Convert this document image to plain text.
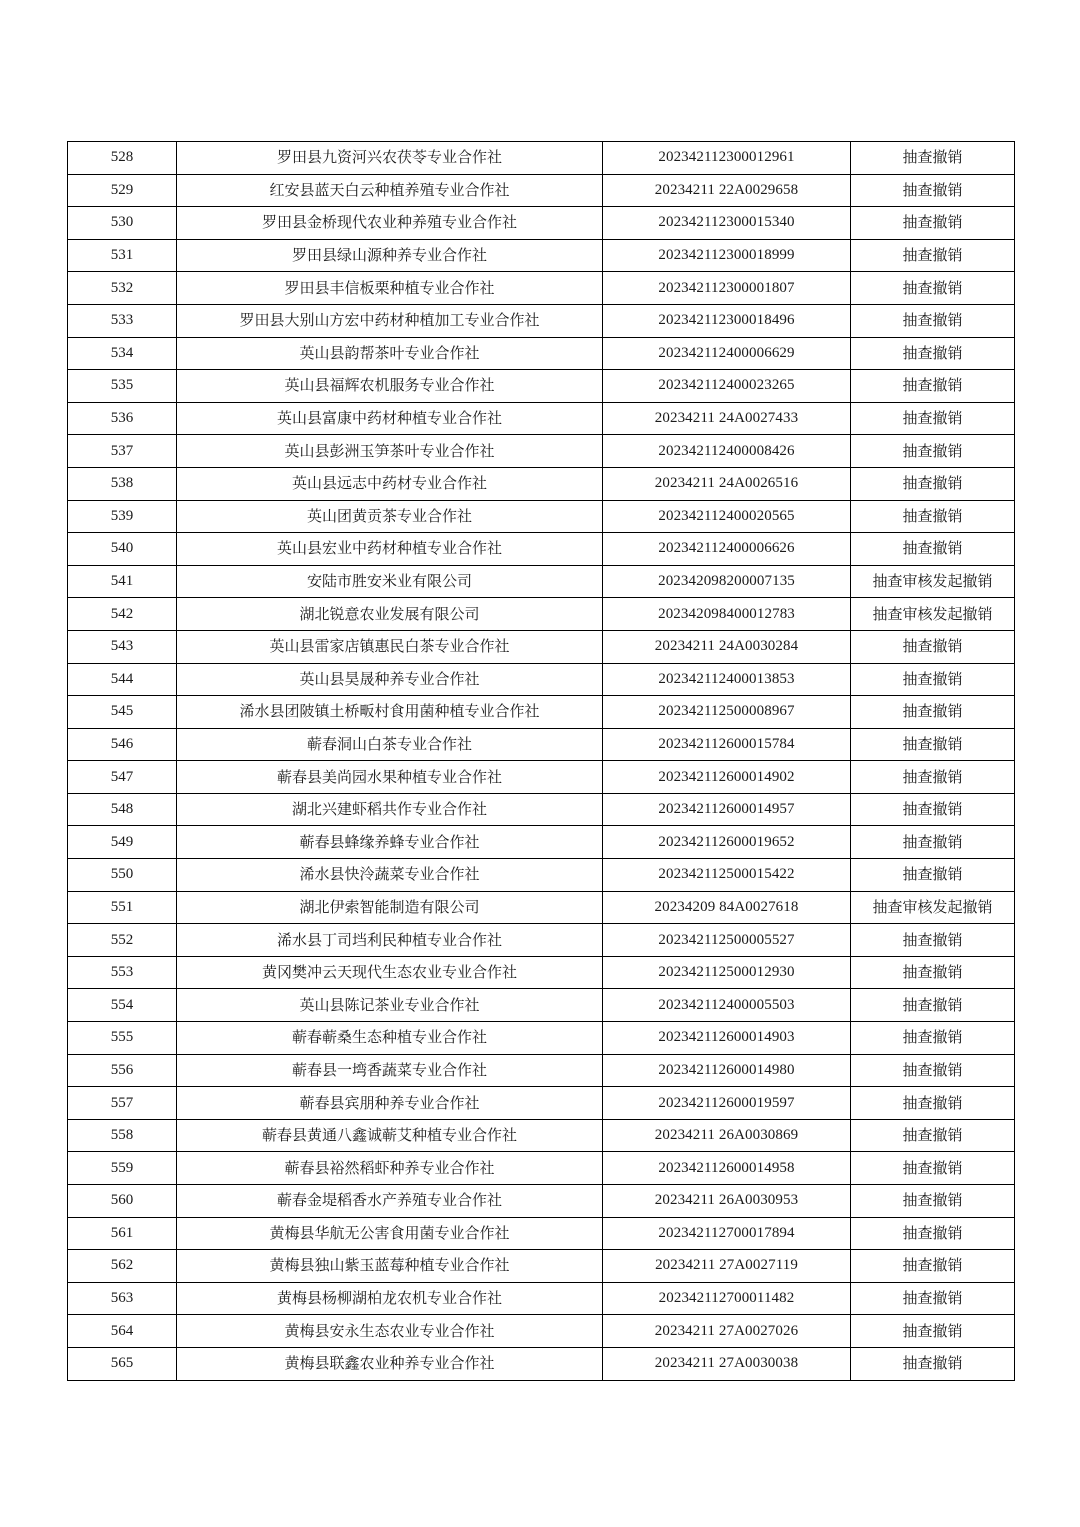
528	罗田县九资河兴农茯苓专业合作社	202342112300012961	抽查撤销
529	红安县蓝天白云种植养殖专业合作社	20234211 22A0029658	抽查撤销
530	罗田县金桥现代农业种养殖专业合作社	202342112300015340	抽查撤销
531	罗田县绿山源种养专业合作社	202342112300018999	抽查撤销
532	罗田县丰信板栗种植专业合作社	202342112300001807	抽查撤销
533	罗田县大别山方宏中药材种植加工专业合作社	202342112300018496	抽查撤销
534	英山县韵帮茶叶专业合作社	202342112400006629	抽查撤销
535	英山县福辉农机服务专业合作社	202342112400023265	抽查撤销
536	英山县富康中药材种植专业合作社	20234211 24A0027433	抽查撤销
537	英山县彭洲玉笋茶叶专业合作社	202342112400008426	抽查撤销
538	英山县远志中药材专业合作社	20234211 24A0026516	抽查撤销
539	英山团黄贡茶专业合作社	202342112400020565	抽查撤销
540	英山县宏业中药材种植专业合作社	202342112400006626	抽查撤销
541	安陆市胜安米业有限公司	202342098200007135	抽查审核发起撤销
542	湖北锐意农业发展有限公司	202342098400012783	抽查审核发起撤销
543	英山县雷家店镇惠民白茶专业合作社	20234211 24A0030284	抽查撤销
544	英山县昊晟种养专业合作社	202342112400013853	抽查撤销
545	浠水县团陂镇土桥畈村食用菌种植专业合作社	202342112500008967	抽查撤销
546	蕲春洞山白茶专业合作社	202342112600015784	抽查撤销
547	蕲春县美尚园水果种植专业合作社	202342112600014902	抽查撤销
548	湖北兴建虾稻共作专业合作社	202342112600014957	抽查撤销
549	蕲春县蜂缘养蜂专业合作社	202342112600019652	抽查撤销
550	浠水县快泠蔬菜专业合作社	202342112500015422	抽查撤销
551	湖北伊索智能制造有限公司	20234209 84A0027618	抽查审核发起撤销
552	浠水县丁司垱利民种植专业合作社	202342112500005527	抽查撤销
553	黄冈樊冲云天现代生态农业专业合作社	202342112500012930	抽查撤销
554	英山县陈记茶业专业合作社	202342112400005503	抽查撤销
555	蕲春蕲桑生态种植专业合作社	202342112600014903	抽查撤销
556	蕲春县一塆香蔬菜专业合作社	202342112600014980	抽查撤销
557	蕲春县宾朋种养专业合作社	202342112600019597	抽查撤销
558	蕲春县黄通八鑫诚蕲艾种植专业合作社	20234211 26A0030869	抽查撤销
559	蕲春县裕然稻虾种养专业合作社	202342112600014958	抽查撤销
560	蕲春金堤稻香水产养殖专业合作社	20234211 26A0030953	抽查撤销
561	黄梅县华航无公害食用菌专业合作社	202342112700017894	抽查撤销
562	黄梅县独山紫玉蓝莓种植专业合作社	20234211 27A0027119	抽查撤销
563	黄梅县杨柳湖柏龙农机专业合作社	202342112700011482	抽查撤销
564	黄梅县安永生态农业专业合作社	20234211 27A0027026	抽查撤销
565	黄梅县联鑫农业种养专业合作社	20234211 27A0030038	抽查撤销
